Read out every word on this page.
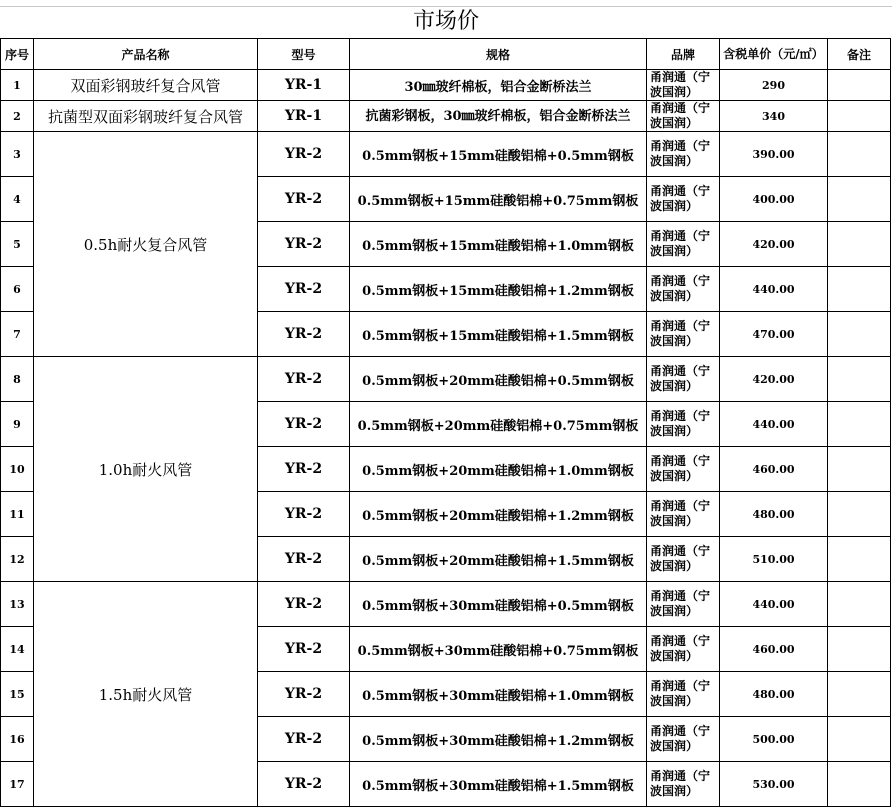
市场价
序号	产品名称	型号	规格	品牌	含税单价（元/㎡）	备注
1	双面彩钢玻纤复合风管	YR-1	30㎜玻纤棉板，铝合金断桥法兰	甬润通（宁波国润）	290	
2	抗菌型双面彩钢玻纤复合风管	YR-1	抗菌彩钢板，30㎜玻纤棉板，铝合金断桥法兰	甬润通（宁波国润）	340	
3	0.5h耐火复合风管	YR-2	0.5mm钢板+15mm硅酸铝棉+0.5mm钢板	甬润通（宁波国润）	390.00	
4		YR-2	0.5mm钢板+15mm硅酸铝棉+0.75mm钢板	甬润通（宁波国润）	400.00	
5		YR-2	0.5mm钢板+15mm硅酸铝棉+1.0mm钢板	甬润通（宁波国润）	420.00	
6		YR-2	0.5mm钢板+15mm硅酸铝棉+1.2mm钢板	甬润通（宁波国润）	440.00	
7		YR-2	0.5mm钢板+15mm硅酸铝棉+1.5mm钢板	甬润通（宁波国润）	470.00	
8	1.0h耐火风管	YR-2	0.5mm钢板+20mm硅酸铝棉+0.5mm钢板	甬润通（宁波国润）	420.00	
9		YR-2	0.5mm钢板+20mm硅酸铝棉+0.75mm钢板	甬润通（宁波国润）	440.00	
10		YR-2	0.5mm钢板+20mm硅酸铝棉+1.0mm钢板	甬润通（宁波国润）	460.00	
11		YR-2	0.5mm钢板+20mm硅酸铝棉+1.2mm钢板	甬润通（宁波国润）	480.00	
12		YR-2	0.5mm钢板+20mm硅酸铝棉+1.5mm钢板	甬润通（宁波国润）	510.00	
13	1.5h耐火风管	YR-2	0.5mm钢板+30mm硅酸铝棉+0.5mm钢板	甬润通（宁波国润）	440.00	
14		YR-2	0.5mm钢板+30mm硅酸铝棉+0.75mm钢板	甬润通（宁波国润）	460.00	
15		YR-2	0.5mm钢板+30mm硅酸铝棉+1.0mm钢板	甬润通（宁波国润）	480.00	
16		YR-2	0.5mm钢板+30mm硅酸铝棉+1.2mm钢板	甬润通（宁波国润）	500.00	
17		YR-2	0.5mm钢板+30mm硅酸铝棉+1.5mm钢板	甬润通（宁波国润）	530.00	
